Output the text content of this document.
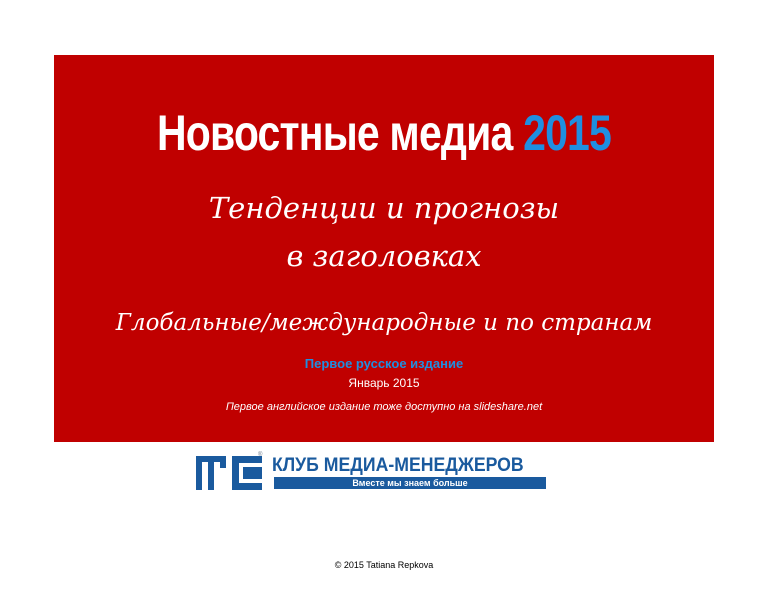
Новостные медиа 2015
Тенденции и прогнозы
в заголовках
Глобальные/международные и по странам
Первое русское издание
Январь 2015
Первое английское издание тоже доступно на slideshare.net
® КЛУБ МЕДИА-МЕНЕДЖЕРОВ
Вместе мы знаем больше
© 2015 Tatiana Repkova
